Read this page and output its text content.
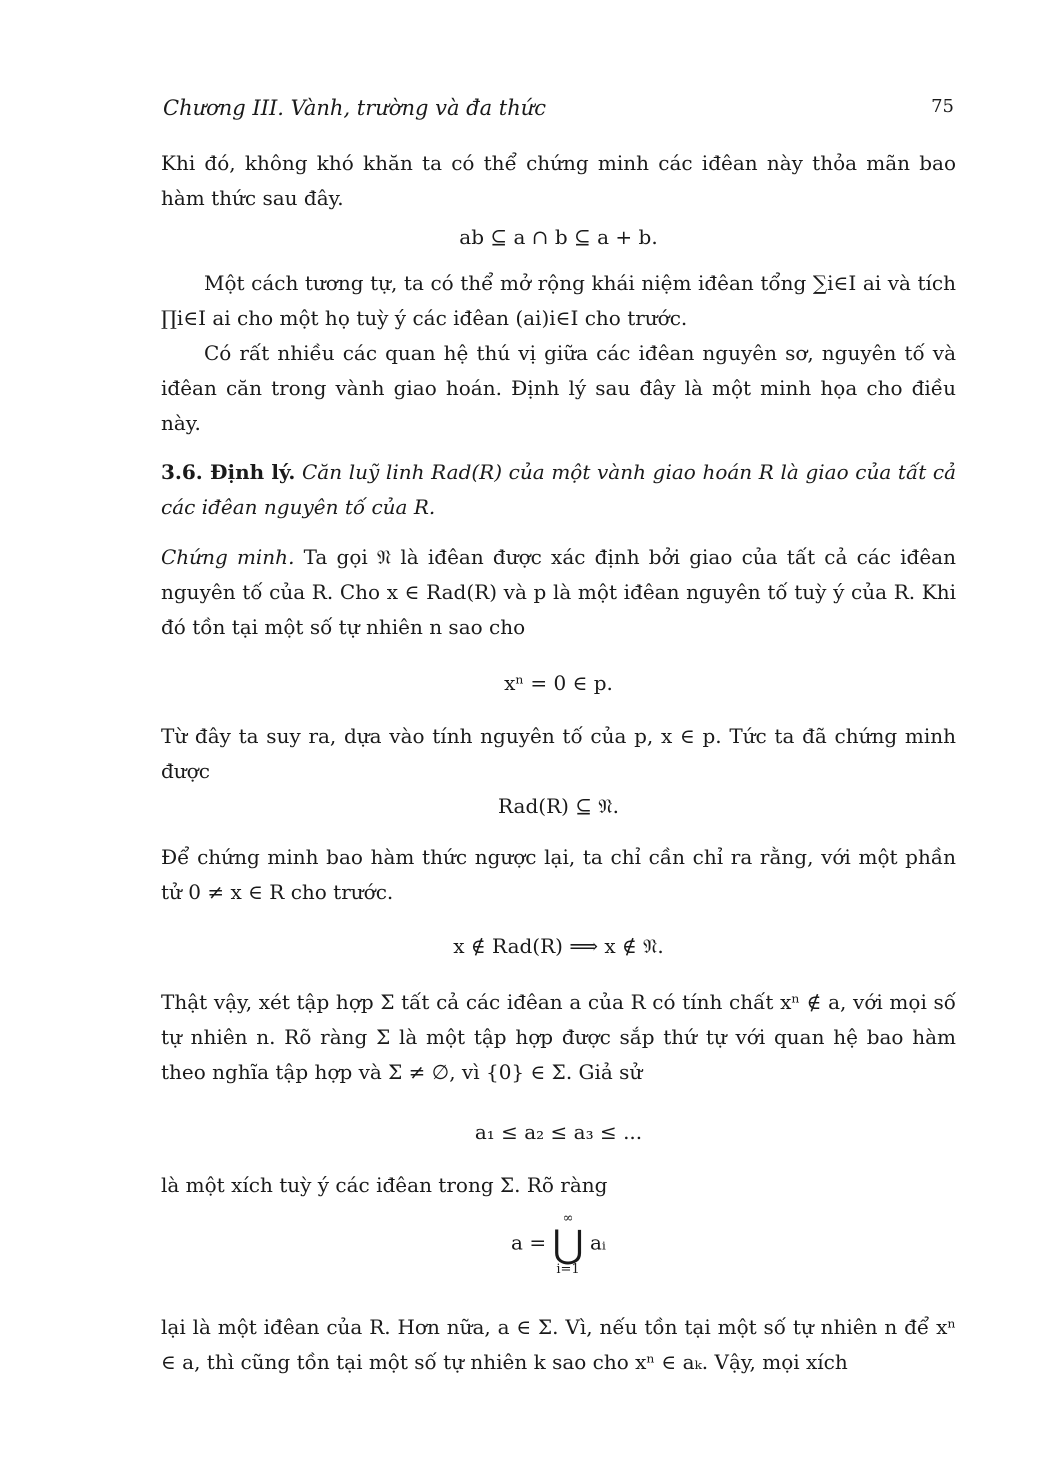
Chương III. Vành, trường và đa thức	75
Khi đó, không khó khăn ta có thể chứng minh các iđêan này thỏa mãn bao hàm thức sau đây.
ab ⊆ a ∩ b ⊆ a + b.
Một cách tương tự, ta có thể mở rộng khái niệm iđêan tổng ∑i∈I ai và tích ∏i∈I ai cho một họ tuỳ ý các iđêan (ai)i∈I cho trước.
Có rất nhiều các quan hệ thú vị giữa các iđêan nguyên sơ, nguyên tố và iđêan căn trong vành giao hoán. Định lý sau đây là một minh họa cho điều này.
3.6. Định lý. Căn luỹ linh Rad(R) của một vành giao hoán R là giao của tất cả các iđêan nguyên tố của R.
Chứng minh. Ta gọi 𝔑 là iđêan được xác định bởi giao của tất cả các iđêan nguyên tố của R. Cho x ∈ Rad(R) và p là một iđêan nguyên tố tuỳ ý của R. Khi đó tồn tại một số tự nhiên n sao cho
xⁿ = 0 ∈ p.
Từ đây ta suy ra, dựa vào tính nguyên tố của p, x ∈ p. Tức ta đã chứng minh được
Rad(R) ⊆ 𝔑.
Để chứng minh bao hàm thức ngược lại, ta chỉ cần chỉ ra rằng, với một phần tử 0 ≠ x ∈ R cho trước.
x ∉ Rad(R) ⟹ x ∉ 𝔑.
Thật vậy, xét tập hợp Σ tất cả các iđêan a của R có tính chất xⁿ ∉ a, với mọi số tự nhiên n. Rõ ràng Σ là một tập hợp được sắp thứ tự với quan hệ bao hàm theo nghĩa tập hợp và Σ ≠ ∅, vì {0} ∈ Σ. Giả sử
a₁ ≤ a₂ ≤ a₃ ≤ ...
là một xích tuỳ ý các iđêan trong Σ. Rõ ràng
a =
∞
⋃
i=1
aᵢ
lại là một iđêan của R. Hơn nữa, a ∈ Σ. Vì, nếu tồn tại một số tự nhiên n để xⁿ ∈ a, thì cũng tồn tại một số tự nhiên k sao cho xⁿ ∈ aₖ. Vậy, mọi xích
